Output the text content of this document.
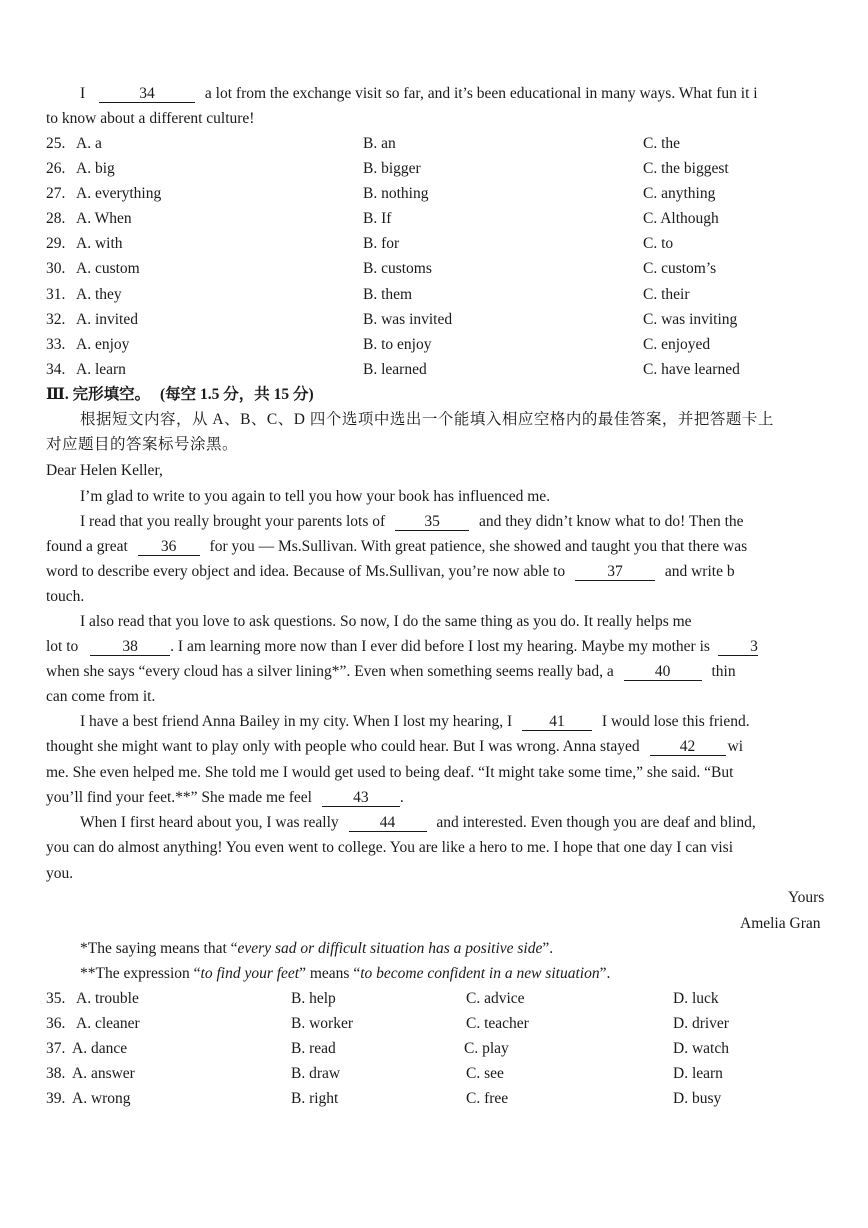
I	34	a lot from the exchange visit so far, and it’s been educational in many ways. What fun it i
to know about a different culture!
25. A. a	B. an	C. the
26. A. big	B. bigger	C. the biggest
27. A. everything	B. nothing	C. anything
28. A. When	B. If	C. Although
29. A. with	B. for	C. to
30. A. custom	B. customs	C. custom’s
31. A. they	B. them	C. their
32. A. invited	B. was invited	C. was inviting
33. A. enjoy	B. to enjoy	C. enjoyed
34. A. learn	B. learned	C. have learned
Ⅲ. 完形填空。 (每空 1.5 分，共 15 分)
根据短文内容，从 A、B、C、D 四个选项中选出一个能填入相应空格内的最佳答案，并把答题卡上
对应题目的答案标号涂黑。
Dear Helen Keller,
I’m glad to write to you again to tell you how your book has influenced me.
I read that you really brought your parents lots of	35	and they didn’t know what to do! Then the
found a great 36 for you — Ms.Sullivan. With great patience, she showed and taught you that there was
word to describe every object and idea. Because of Ms.Sullivan, you’re now able to	37	and write b
touch.
I also read that you love to ask questions. So now, I do the same thing as you do. It really helps me
lot to	38 . I am learning more now than I ever did before I lost my hearing. Maybe my mother is	3
when she says “every cloud has a silver lining*”. Even when something seems really bad, a	40	thin
can come from it.
I have a best friend Anna Bailey in my city. When I lost my hearing, I 41 I would lose this friend.
thought she might want to play only with people who could hear. But I was wrong. Anna stayed	42 wi
me. She even helped me. She told me I would get used to being deaf. “It might take some time,” she said. “But
you’ll find your feet.**” She made me feel	43 .
When I first heard about you, I was really	44	and interested. Even though you are deaf and blind,
you can do almost anything! You even went to college. You are like a hero to me. I hope that one day I can visi
you.
Yours
Amelia Gran
*The saying means that “every sad or difficult situation has a positive side”.
**The expression “to find your feet” means “to become confident in a new situation”.
35. A. trouble	B. help	C. advice	D. luck
36. A. cleaner	B. worker	C. teacher	D. driver
37. A. dance	B. read	C. play	D. watch
38. A. answer	B. draw	C. see	D. learn
39. A. wrong	B. right	C. free	D. busy
